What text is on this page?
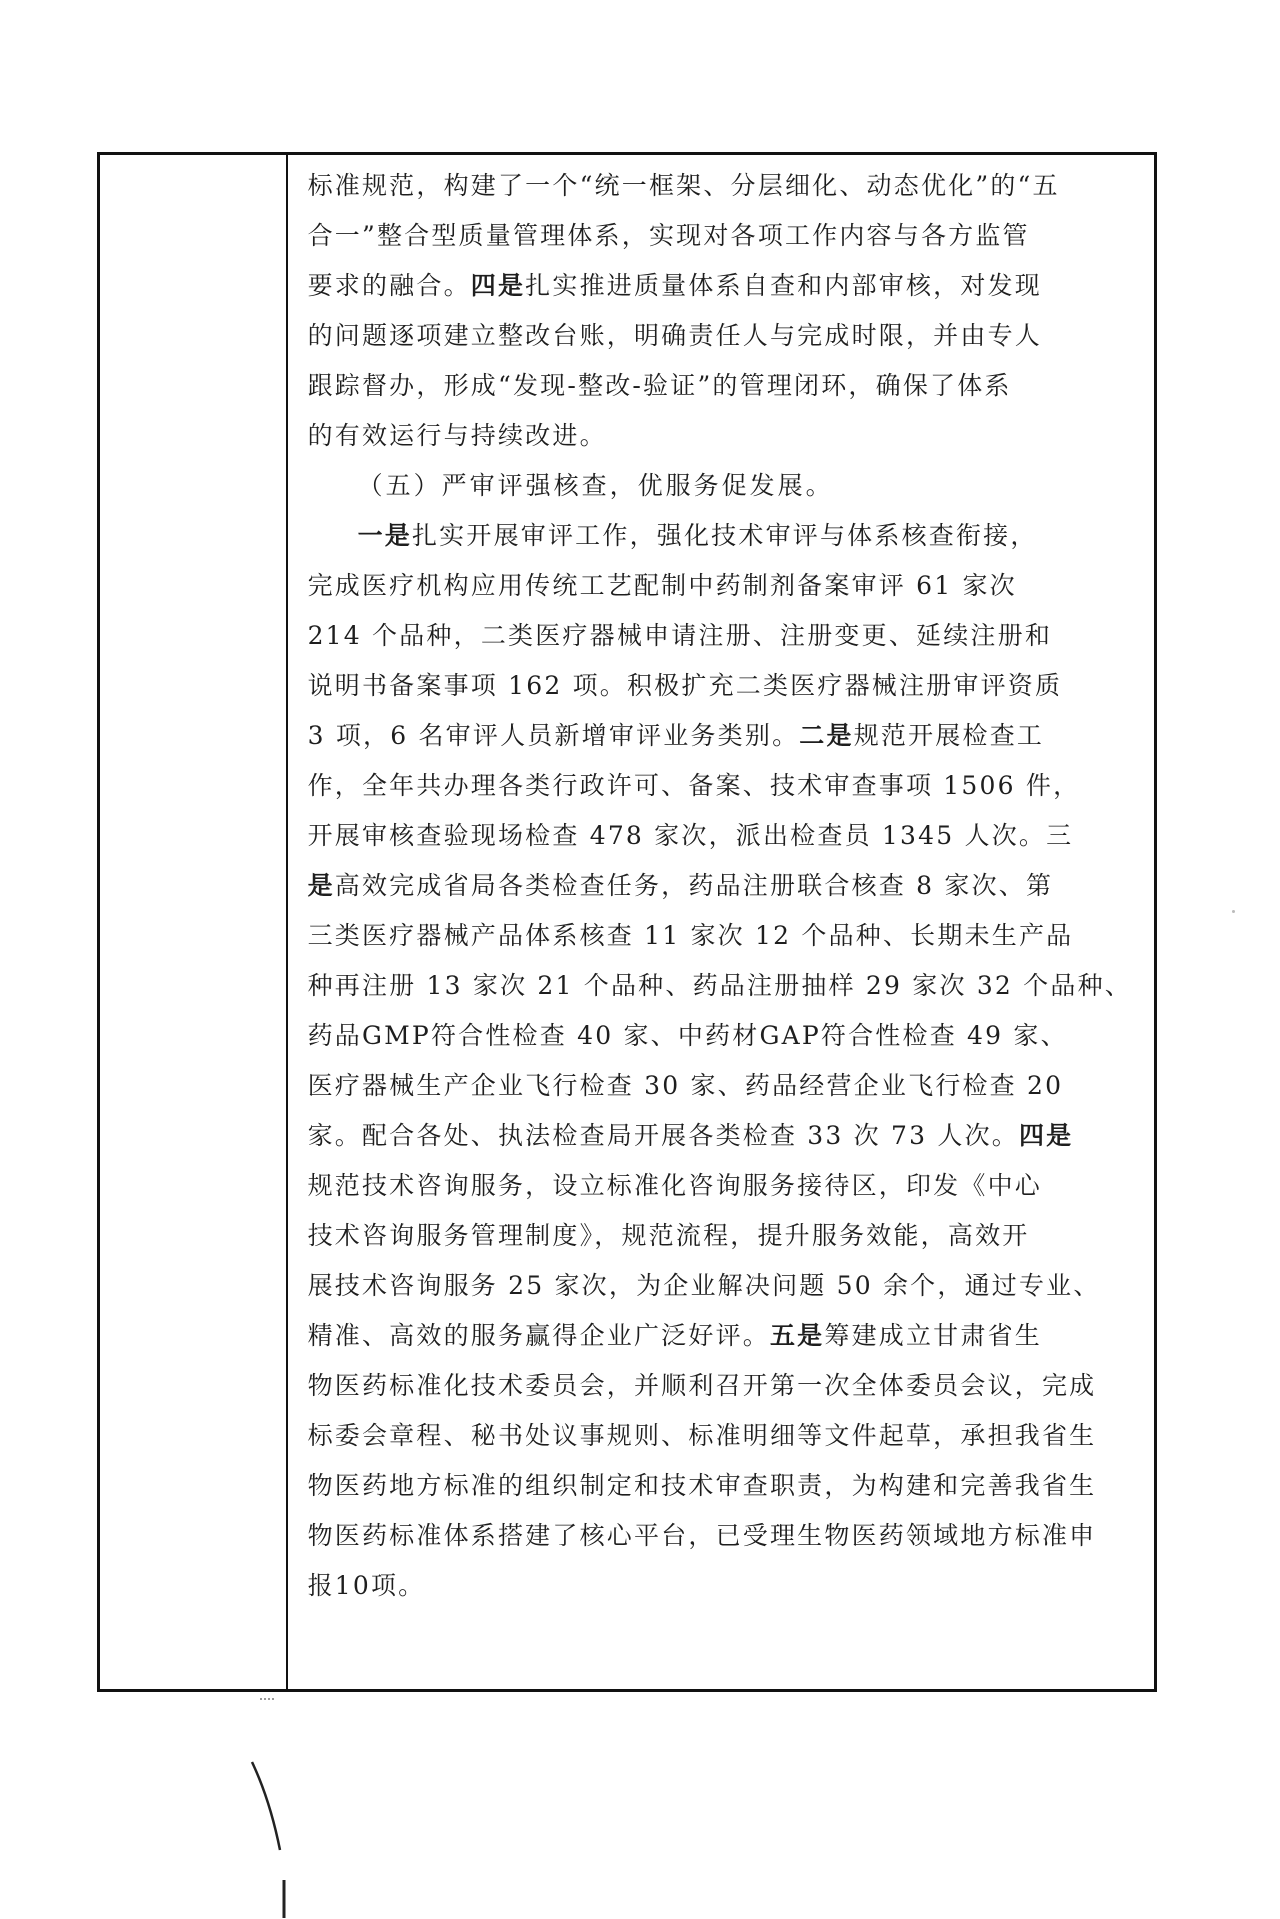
标准规范，构建了一个“统一框架、分层细化、动态优化”的“五
合一”整合型质量管理体系，实现对各项工作内容与各方监管
要求的融合。四是扎实推进质量体系自查和内部审核，对发现
的问题逐项建立整改台账，明确责任人与完成时限，并由专人
跟踪督办，形成“发现-整改-验证”的管理闭环，确保了体系
的有效运行与持续改进。
（五）严审评强核查，优服务促发展。
一是扎实开展审评工作，强化技术审评与体系核查衔接，
完成医疗机构应用传统工艺配制中药制剂备案审评 61 家次
214 个品种，二类医疗器械申请注册、注册变更、延续注册和
说明书备案事项 162 项。积极扩充二类医疗器械注册审评资质
3 项，6 名审评人员新增审评业务类别。二是规范开展检查工
作，全年共办理各类行政许可、备案、技术审查事项 1506 件，
开展审核查验现场检查 478 家次，派出检查员 1345 人次。三
是高效完成省局各类检查任务，药品注册联合核查 8 家次、第
三类医疗器械产品体系核查 11 家次 12 个品种、长期未生产品
种再注册 13 家次 21 个品种、药品注册抽样 29 家次 32 个品种、
药品GMP符合性检查 40 家、中药材GAP符合性检查 49 家、
医疗器械生产企业飞行检查 30 家、药品经营企业飞行检查 20
家。配合各处、执法检查局开展各类检查 33 次 73 人次。四是
规范技术咨询服务，设立标准化咨询服务接待区，印发《中心
技术咨询服务管理制度》，规范流程，提升服务效能，高效开
展技术咨询服务 25 家次，为企业解决问题 50 余个，通过专业、
精准、高效的服务赢得企业广泛好评。五是筹建成立甘肃省生
物医药标准化技术委员会，并顺利召开第一次全体委员会议，完成
标委会章程、秘书处议事规则、标准明细等文件起草，承担我省生
物医药地方标准的组织制定和技术审查职责，为构建和完善我省生
物医药标准体系搭建了核心平台，已受理生物医药领域地方标准申
报10项。
